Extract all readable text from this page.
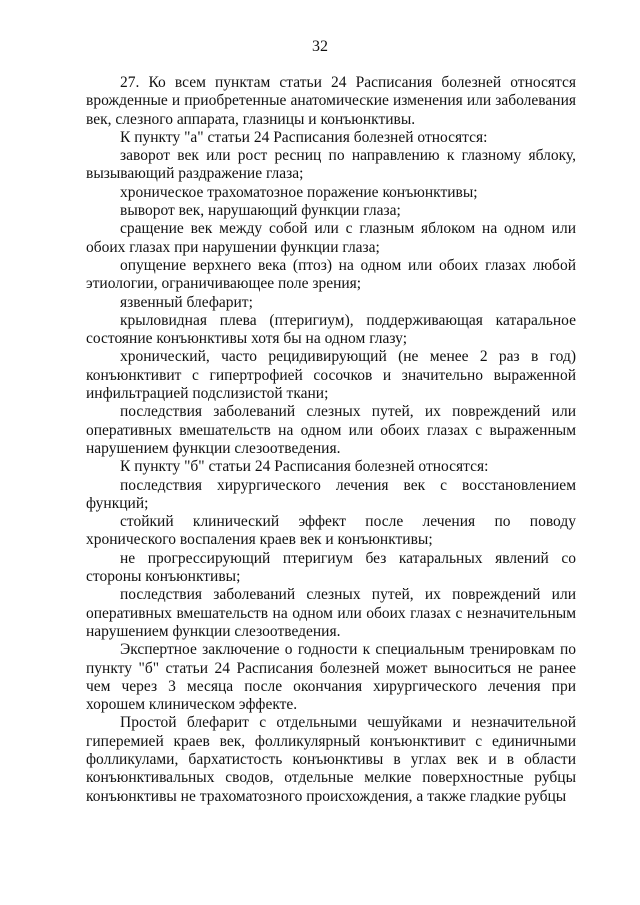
32

27. Ко всем пунктам статьи 24 Расписания болезней относятся врожденные и приобретенные анатомические изменения или заболевания век, слезного аппарата, глазницы и конъюнктивы.

К пункту "а" статьи 24 Расписания болезней относятся:

заворот век или рост ресниц по направлению к глазному яблоку, вызывающий раздражение глаза;

хроническое трахоматозное поражение конъюнктивы;

выворот век, нарушающий функции глаза;

сращение век между собой или с глазным яблоком на одном или обоих глазах при нарушении функции глаза;

опущение верхнего века (птоз) на одном или обоих глазах любой этиологии, ограничивающее поле зрения;

язвенный блефарит;

крыловидная плева (птеригиум), поддерживающая катаральное состояние конъюнктивы хотя бы на одном глазу;

хронический, часто рецидивирующий (не менее 2 раз в год) конъюнктивит с гипертрофией сосочков и значительно выраженной инфильтрацией подслизистой ткани;

последствия заболеваний слезных путей, их повреждений или оперативных вмешательств на одном или обоих глазах с выраженным нарушением функции слезоотведения.

К пункту "б" статьи 24 Расписания болезней относятся:

последствия хирургического лечения век с восстановлением функций;

стойкий клинический эффект после лечения по поводу хронического воспаления краев век и конъюнктивы;

не прогрессирующий птеригиум без катаральных явлений со стороны конъюнктивы;

последствия заболеваний слезных путей, их повреждений или оперативных вмешательств на одном или обоих глазах с незначительным нарушением функции слезоотведения.

Экспертное заключение о годности к специальным тренировкам по пункту "б" статьи 24 Расписания болезней может выноситься не ранее чем через 3 месяца после окончания хирургического лечения при хорошем клиническом эффекте.

Простой блефарит с отдельными чешуйками и незначительной гиперемией краев век, фолликулярный конъюнктивит с единичными фолликулами, бархатистость конъюнктивы в углах век и в области конъюнктивальных сводов, отдельные мелкие поверхностные рубцы конъюнктивы не трахоматозного происхождения, а также гладкие рубцы
